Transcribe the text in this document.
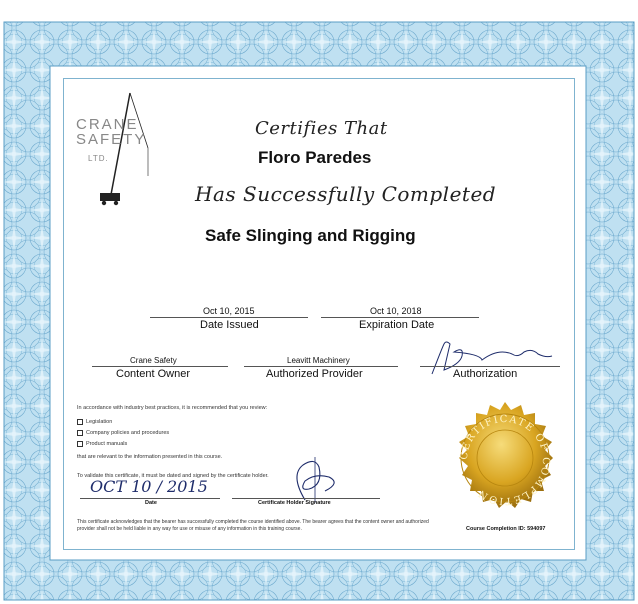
CRANE
SAFETY
LTD.
Certifies That
Floro Paredes
Has Successfully Completed
Safe Slinging and Rigging
Oct 10, 2015
Date Issued
Oct 10, 2018
Expiration Date
Crane Safety
Content Owner
Leavitt Machinery
Authorized Provider	Authorization
In accordance with industry best practices, it is recommended that you review:
Legislation
Company policies and procedures
Product manuals
that are relevant to the information presented in this course.
To validate this certificate, it must be dated and signed by the certificate holder.
OCT 10 / 2015
Date	Certificate Holder Signature
CERTIFICATE OF COMPLETION
This certificate acknowledges that the bearer has successfully completed the course identified above. The bearer agrees that the content owner and authorized provider shall not be held liable in any way for use or misuse of any information in this training course.	Course Completion ID: 594097
